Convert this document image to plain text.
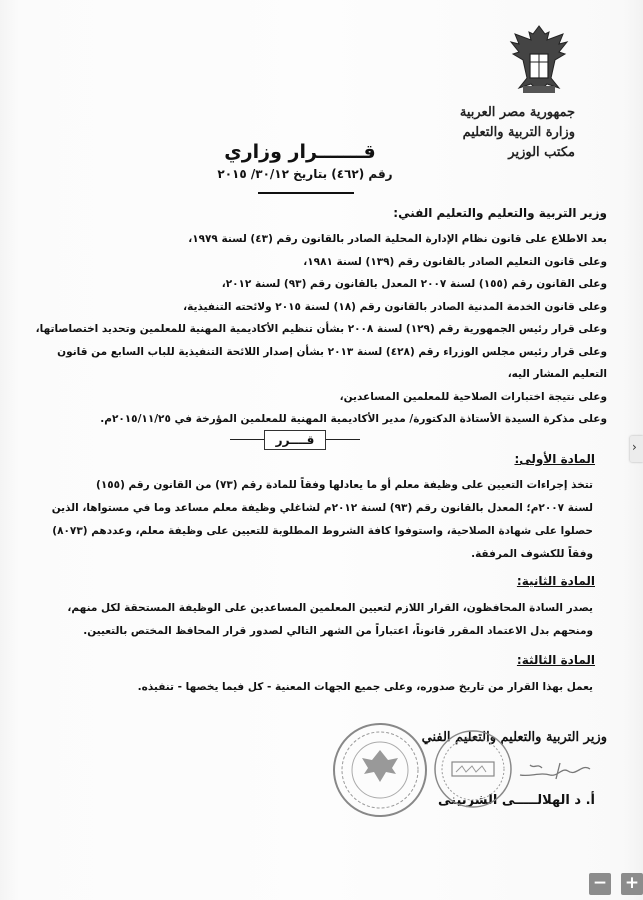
جمهورية مصر العربية
وزارة التربية والتعليم
مكتب الوزير
قـــــــرار وزاري
رقم (٤٦٢) بتاريخ ٣٠/١٢/ ٢٠١٥
وزير التربية والتعليم والتعليم الفني:

بعد الاطلاع على قانون نظام الإدارة المحلية الصادر بالقانون رقم (٤٣) لسنة ١٩٧٩،

وعلى قانون التعليم الصادر بالقانون رقم (١٣٩) لسنة ١٩٨١،

وعلى القانون رقم (١٥٥) لسنة ٢٠٠٧ المعدل بالقانون رقم (٩٣) لسنة ٢٠١٢،

وعلى قانون الخدمة المدنية الصادر بالقانون رقم (١٨) لسنة ٢٠١٥ ولائحته التنفيذية،

وعلى قرار رئيس الجمهورية رقم (١٢٩) لسنة ٢٠٠٨ بشأن تنظيم الأكاديمية المهنية للمعلمين وتحديد اختصاصاتها،

وعلى قرار رئيس مجلس الوزراء رقم (٤٢٨) لسنة ٢٠١٣ بشأن إصدار اللائحة التنفيذية للباب السابع من قانون

التعليم المشار اليه،

وعلى نتيجة اختبارات الصلاحية للمعلمين المساعدين،

وعلى مذكرة السيدة الأستاذة الدكتورة/ مدير الأكاديمية المهنية للمعلمين المؤرخة في ٢٠١٥/١١/٢٥م.

قــــرر
المادة الأولى:

تتخذ إجراءات التعيين على وظيفة معلم أو ما يعادلها وفقاً للمادة رقم (٧٣) من القانون رقم (١٥٥)

لسنة ٢٠٠٧م؛ المعدل بالقانون رقم (٩٣) لسنة ٢٠١٢م لشاغلي وظيفة معلم مساعد وما في مستواها، الذين

حصلوا على شهادة الصلاحية، واستوفوا كافة الشروط المطلوبة للتعيين على وظيفة معلم، وعددهم (٨٠٧٣)

وفقاً للكشوف المرفقة.

المادة الثانية:

يصدر السادة المحافظون، القرار اللازم لتعيين المعلمين المساعدين على الوظيفة المستحقة لكل منهم،

ومنحهم بدل الاعتماد المقرر قانوناً، اعتباراً من الشهر التالي لصدور قرار المحافظ المختص بالتعيين.

المادة الثالثة:

يعمل بهذا القرار من تاريخ صدوره، وعلى جميع الجهات المعنية - كل فيما يخصها - تنفيذه.

وزير التربية والتعليم والتعليم الفني
أ. د الهلالـــــى الشربينى
›
− +
